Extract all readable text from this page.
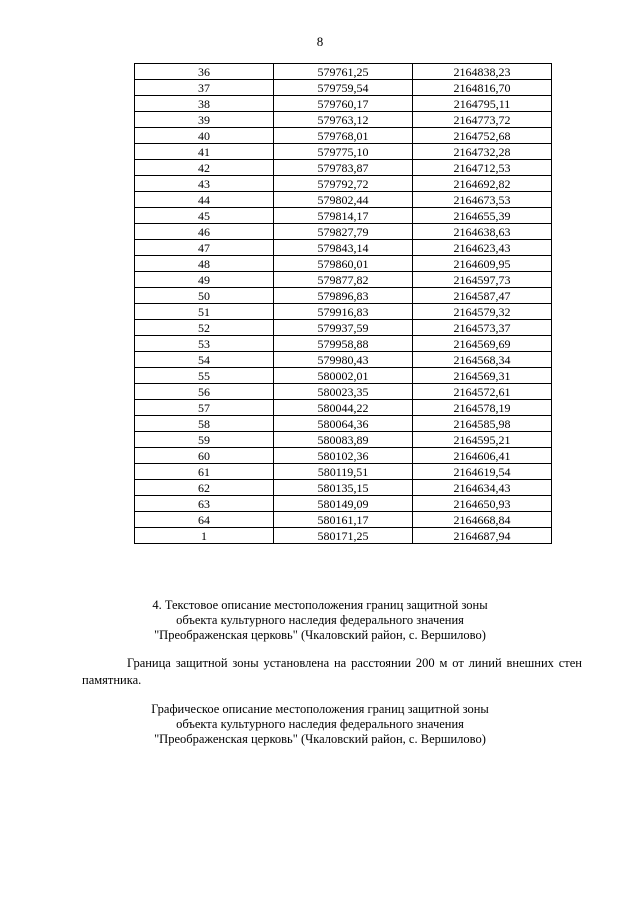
8
36	579761,25	2164838,23
37	579759,54	2164816,70
38	579760,17	2164795,11
39	579763,12	2164773,72
40	579768,01	2164752,68
41	579775,10	2164732,28
42	579783,87	2164712,53
43	579792,72	2164692,82
44	579802,44	2164673,53
45	579814,17	2164655,39
46	579827,79	2164638,63
47	579843,14	2164623,43
48	579860,01	2164609,95
49	579877,82	2164597,73
50	579896,83	2164587,47
51	579916,83	2164579,32
52	579937,59	2164573,37
53	579958,88	2164569,69
54	579980,43	2164568,34
55	580002,01	2164569,31
56	580023,35	2164572,61
57	580044,22	2164578,19
58	580064,36	2164585,98
59	580083,89	2164595,21
60	580102,36	2164606,41
61	580119,51	2164619,54
62	580135,15	2164634,43
63	580149,09	2164650,93
64	580161,17	2164668,84
1	580171,25	2164687,94
4. Текстовое описание местоположения границ защитной зоны
объекта культурного наследия федерального значения
"Преображенская церковь" (Чкаловский район, с. Вершилово)
Граница защитной зоны установлена на расстоянии 200 м от линий внешних стен
памятника.
Графическое описание местоположения границ защитной зоны
объекта культурного наследия федерального значения
"Преображенская церковь" (Чкаловский район, с. Вершилово)
